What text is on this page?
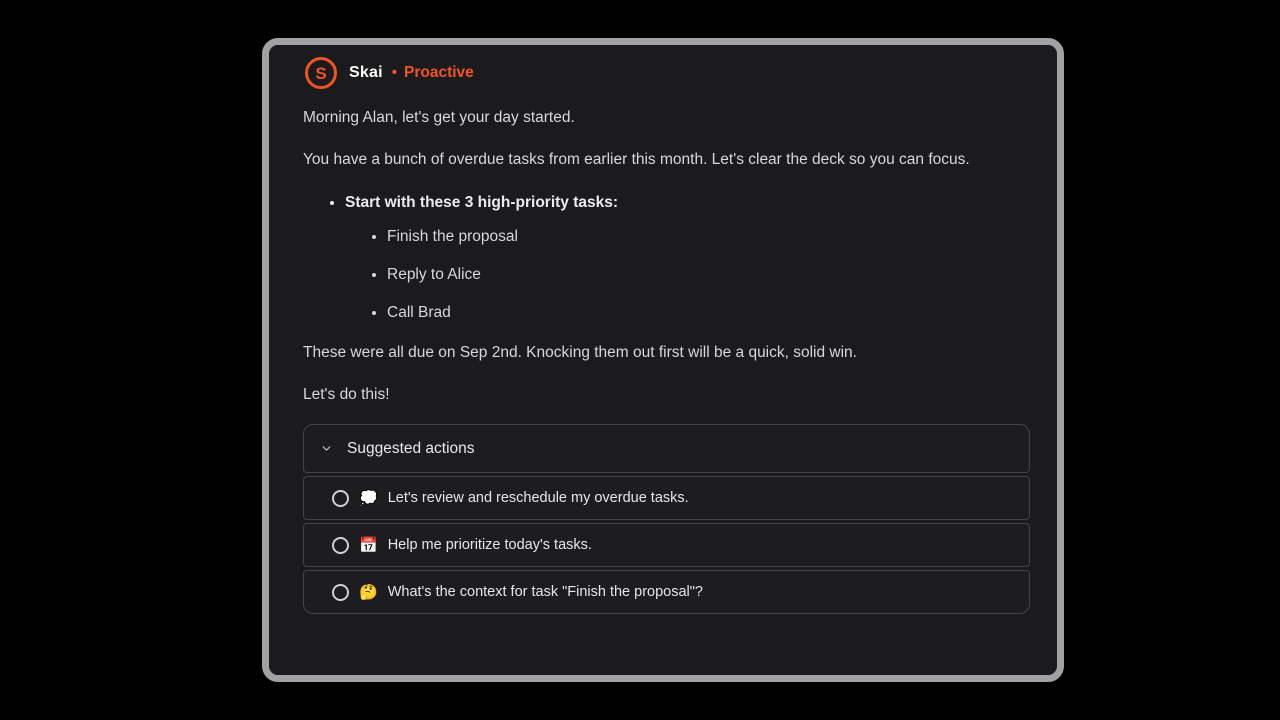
S Skai • Proactive

Morning Alan, let's get your day started.

You have a bunch of overdue tasks from earlier this month. Let's clear the deck so you can focus.

• Start with these 3 high-priority tasks:
• Finish the proposal
• Reply to Alice
• Call Brad

These were all due on Sep 2nd. Knocking them out first will be a quick, solid win.

Let's do this!

Suggested actions
💭 Let's review and reschedule my overdue tasks.
📅 Help me prioritize today's tasks.
🤔 What's the context for task "Finish the proposal"?
